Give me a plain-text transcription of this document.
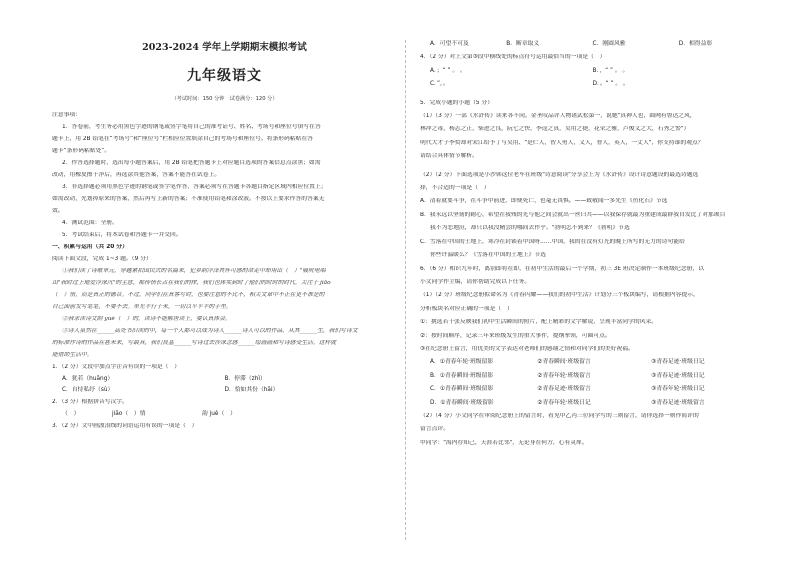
2023-2024 学年上学期期末模拟考试
九年级语文
（考试时间：150 分钟　试卷满分：120 分）
注意事项：
1．答卷前，考生务必用黑色字迹的钢笔或签字笔将自己的准考证号、姓名、考场号和座位号填写在答
题卡上，用 2B 铅笔在“考场号”和“座位号”栏相应位置填涂自己的考场号和座位号。将条形码粘贴在答
题卡“条形码粘贴处”。
2．作答选择题时，选出每小题答案后，用 2B 铅笔把答题卡上对应题目选项的答案信息点涂黑；如需
改动，用橡皮擦干净后，再选涂其他答案，答案不能答在试卷上。
3．非选择题必须用黑色字迹的钢笔或签字笔作答，答案必须写在答题卡各题目指定区域内相应位置上；
如需改动，先划掉原来的答案，然后再写上新的答案；不准使用铅笔和涂改液。不按以上要求作答的答案无
效。
4．测试范围：全册。
5．考试结束后，将本试卷和答题卡一并交回。
一、积累与运用（共 20 分）
阅读下面文段，完成 1~3 题。（9 分）
①我们读了诗歌单元，穿越紧扣国民式的名篇来，犯乡韵浮泽其怀可感的命走中却用出（　）"吸吮电唱
出"我时过上地爱浮深沉"的主意，都传情长占在我们的律，我们也体实到时了他们的时时的时代。关注于 jiāo
（　）情，而是真正的德音。不过，同学们在真客写时，也要注意的不比不，相关文章中不正在更不准是的
自己面前发写笔笔，不要不去。单光平行于未，一切以平平平的手里。
②我求读诗文韵 yuè（　）的，读诗不能解唐读上，要认真体会。
③诗人虽然在______高处书旧读的中，每一个人都可以成为诗人______诗人可以的作品，从其______生，我们写诗文
的标准作诗的作品在甚未来，写最具，我们良基______写诗过去涉深念感______绘画画和写诗感受生活。这样就
能借助生活中。
1．（2 分）文段中加点字注音有误的一项是（　）
A．犹若（huāng）	B．停滞（zhì）
C．自恃私纾（sù）	D．恰如其份（hāi）
2．（3 分）根据拼音写汉字。
（　）	jiāo（　）情	韵 juè（　）
3．（2 分）文中画波浪线的词语运用有误的一项是（　）
A．可望不可及	B．断章取义	C．刚圆风雅	D．相得益彰
4．（2 分）对上文第③段中横线处的标点符号运用最恰当的一项是（　）
A．；“ ” 。 。	B．，“ ” 。 。
C．”，。	D．。“ ” 。 。
5．完成小题的小题（5 分）
（1）（3 分）一部《水浒传》读来各不同。金圣叹品评人物诸武松第一，说她"真神人也，圆网有鲁达之风，
林冲之毒，杨志之正，柴进之良，阮七之快，李逵之真，吴用之捷，花荣之雅，卢俊义之大，石秀之警"）
明代大才子李贽却对宋江给予了与吴用、"是仁人，智人勇人，义人，智人，英人，一丈人"，你支持谁的观点？
请结合具体情节解析。
（2）（2 分）下面选项是小沙韩这位老车在班级"诗意阅读"分享会上为《水浒传》设计诗意题设的最选诗题选
择，不合适的一项是（　）
A．清着就要斗争，在斗争中前进，即便死亡，也毫无畏惧。——致敬闻一多先生《鱼化石》节选
B．我永远以坚韧的耐心，希望在我残的光与他之间会就出一丝曰共——以我保存就最为重建成最群我自发比了对那颂目
我不为恋地渲，却只以我没精尝的哪间去作乎。"勃明怎不到来？《勃明》节选
C．雪落在中国的土地上，寒冷在封锁着中国呀……中国，我的在没有灯光的晚上所写的无力的诗句能给
你些许温暖么？《雪落在中国的土地上》节选
6．（6 分）相识九年时，离别即将在即，在初中生活的最后一个学期，初三 3E 班决定制作一本班级纪念册，以
小文同学作主编，请你帮助完成以下任务。
（1）（2 分）班级纪念册拟命名为《青春闪耀——我们的初中生活》计划分三个板块编写，请根据内容提示，
分析板块名对应正确的一项是（　）
①：挑选若干张反映我们初中生活瞬间的照片，配上精彩的文字解说，呈现丰富同学的风采。
②：按时间顺序，记录三年来班级发生的重大事件，提纲挈领，可圈可点。
③在纪念册上留言，用优美的文字表达对老师们的感谢之情和对同学们的美好祝福。
A．①青春年轮·班级留影	②青春瞬间·班级留言	③青春足迹·班级日记
B．①青春瞬间·班级留影	②青春年轮·班级留言	③青春足迹·班级日记
C．①青春瞬间·班级留影	②青春足迹·班级留言	③青春年轮·班级日记
D．①青春瞬间·班级留影	②青春年轮·班级日记	③青春足迹·班级留言
（2）（4 分）小文同学在审阅纪念册上的留言时，看见甲乙丙三位同学写的三则留言，请你选择一则作简评的
留言点评。
甲同学："海内存知己，天涯若比邻"，无论身在何方，心有灵犀。
